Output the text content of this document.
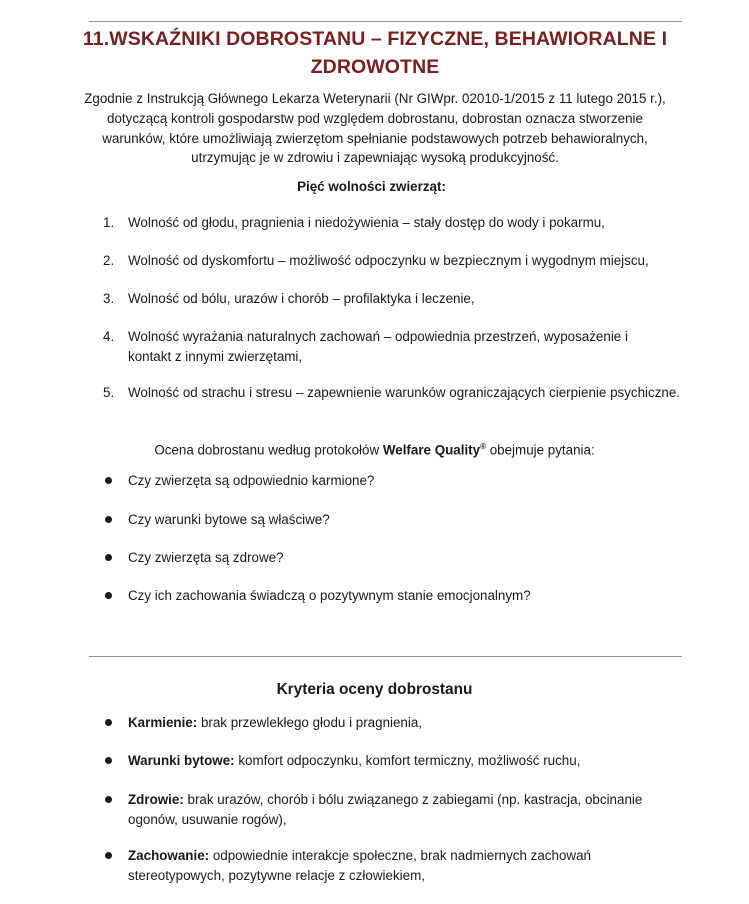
11.WSKAŹNIKI DOBROSTANU – FIZYCZNE, BEHAWIORALNE I
ZDROWOTNE
Zgodnie z Instrukcją Głównego Lekarza Weterynarii (Nr GIWpr. 02010-1/2015 z 11 lutego 2015 r.),
dotyczącą kontroli gospodarstw pod względem dobrostanu, dobrostan oznacza stworzenie
warunków, które umożliwiają zwierzętom spełnianie podstawowych potrzeb behawioralnych,
utrzymując je w zdrowiu i zapewniając wysoką produkcyjność.
Pięć wolności zwierząt:
1.	Wolność od głodu, pragnienia i niedożywienia – stały dostęp do wody i pokarmu,
2.	Wolność od dyskomfortu – możliwość odpoczynku w bezpiecznym i wygodnym miejscu,
3.	Wolność od bólu, urazów i chorób – profilaktyka i leczenie,
4.	Wolność wyrażania naturalnych zachowań – odpowiednia przestrzeń, wyposażenie i
kontakt z innymi zwierzętami,
5.	Wolność od strachu i stresu – zapewnienie warunków ograniczających cierpienie psychiczne.
Ocena dobrostanu według protokołów Welfare Quality® obejmuje pytania:
Czy zwierzęta są odpowiednio karmione?
Czy warunki bytowe są właściwe?
Czy zwierzęta są zdrowe?
Czy ich zachowania świadczą o pozytywnym stanie emocjonalnym?
Kryteria oceny dobrostanu
Karmienie: brak przewlekłego głodu i pragnienia,
Warunki bytowe: komfort odpoczynku, komfort termiczny, możliwość ruchu,
Zdrowie: brak urazów, chorób i bólu związanego z zabiegami (np. kastracja, obcinanie
ogonów, usuwanie rogów),
Zachowanie: odpowiednie interakcje społeczne, brak nadmiernych zachowań
stereotypowych, pozytywne relacje z człowiekiem,
